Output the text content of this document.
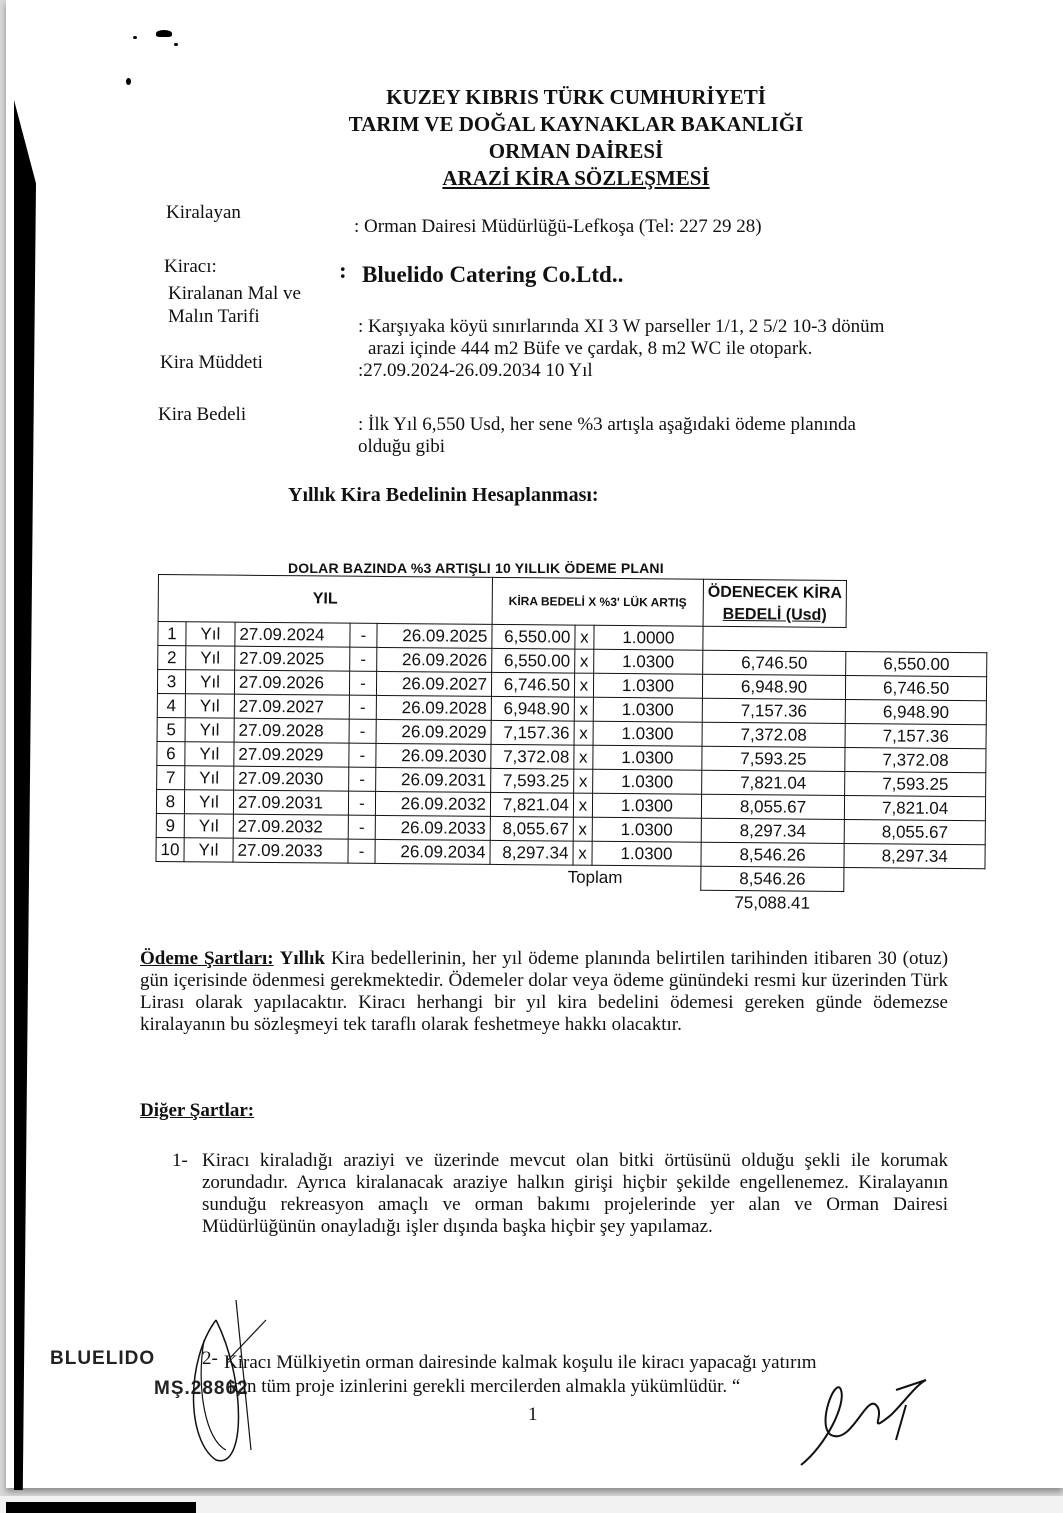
KUZEY KIBRIS TÜRK CUMHURİYETİ
TARIM VE DOĞAL KAYNAKLAR BAKANLIĞI
ORMAN DAİRESİ
ARAZİ KİRA SÖZLEŞMESİ
Kiralayan
: Orman Dairesi Müdürlüğü-Lefkoşa (Tel: 227 29 28)
Kiracı:	: Bluelido Catering Co.Ltd..
Kiralanan Mal ve
Malın Tarifi	: Karşıyaka köyü sınırlarında XI 3 W parseller 1/1, 2 5/2 10-3 dönüm
arazi içinde 444 m2 Büfe ve çardak, 8 m2 WC ile otopark.
Kira Müddeti	:27.09.2024-26.09.2034 10 Yıl
Kira Bedeli	: İlk Yıl 6,550 Usd, her sene %3 artışla aşağıdaki ödeme planında
olduğu gibi
Yıllık Kira Bedelinin Hesaplanması:
DOLAR BAZINDA %3 ARTIŞLI 10 YILLIK ÖDEME PLANI
YIL					KİRA BEDELİ X %3' LÜK ARTIŞ			ÖDENECEK KİRA
BEDELİ (Usd)	

1	Yıl	27.09.2024	-	26.09.2025	6,550.00	x	1.0000		
2	Yıl	27.09.2025	-	26.09.2026	6,550.00	x	1.0300	6,746.50	6,550.00
3	Yıl	27.09.2026	-	26.09.2027	6,746.50	x	1.0300	6,948.90	6,746.50
4	Yıl	27.09.2027	-	26.09.2028	6,948.90	x	1.0300	7,157.36	6,948.90
5	Yıl	27.09.2028	-	26.09.2029	7,157.36	x	1.0300	7,372.08	7,157.36
6	Yıl	27.09.2029	-	26.09.2030	7,372.08	x	1.0300	7,593.25	7,372.08
7	Yıl	27.09.2030	-	26.09.2031	7,593.25	x	1.0300	7,821.04	7,593.25
8	Yıl	27.09.2031	-	26.09.2032	7,821.04	x	1.0300	8,055.67	7,821.04
9	Yıl	27.09.2032	-	26.09.2033	8,055.67	x	1.0300	8,297.34	8,055.67
10	Yıl	27.09.2033	-	26.09.2034	8,297.34	x	1.0300	8,546.26	8,297.34
					Toplam			8,546.26	
								75,088.41	
Ödeme Şartları: Yıllık Kira bedellerinin, her yıl ödeme planında belirtilen tarihinden itibaren 30 (otuz) gün içerisinde ödenmesi gerekmektedir. Ödemeler dolar veya ödeme günündeki resmi kur üzerinden Türk Lirası olarak yapılacaktır. Kiracı herhangi bir yıl kira bedelini ödemesi gereken günde ödemezse kiralayanın bu sözleşmeyi tek taraflı olarak feshetmeye hakkı olacaktır.
Diğer Şartlar:
1- Kiracı kiraladığı araziyi ve üzerinde mevcut olan bitki örtüsünü olduğu şekli ile korumak zorundadır. Ayrıca kiralanacak araziye halkın girişi hiçbir şekilde engellenemez. Kiralayanın sunduğu rekreasyon amaçlı ve orman bakımı projelerinde yer alan ve Orman Dairesi Müdürlüğünün onayladığı işler dışında başka hiçbir şey yapılamaz.
2- Kiracı Mülkiyetin orman dairesinde kalmak koşulu ile kiracı yapacağı yatırım
için tüm proje izinlerini gerekli mercilerden almakla yükümlüdür. “
BLUELIDO
MŞ.28862
1
